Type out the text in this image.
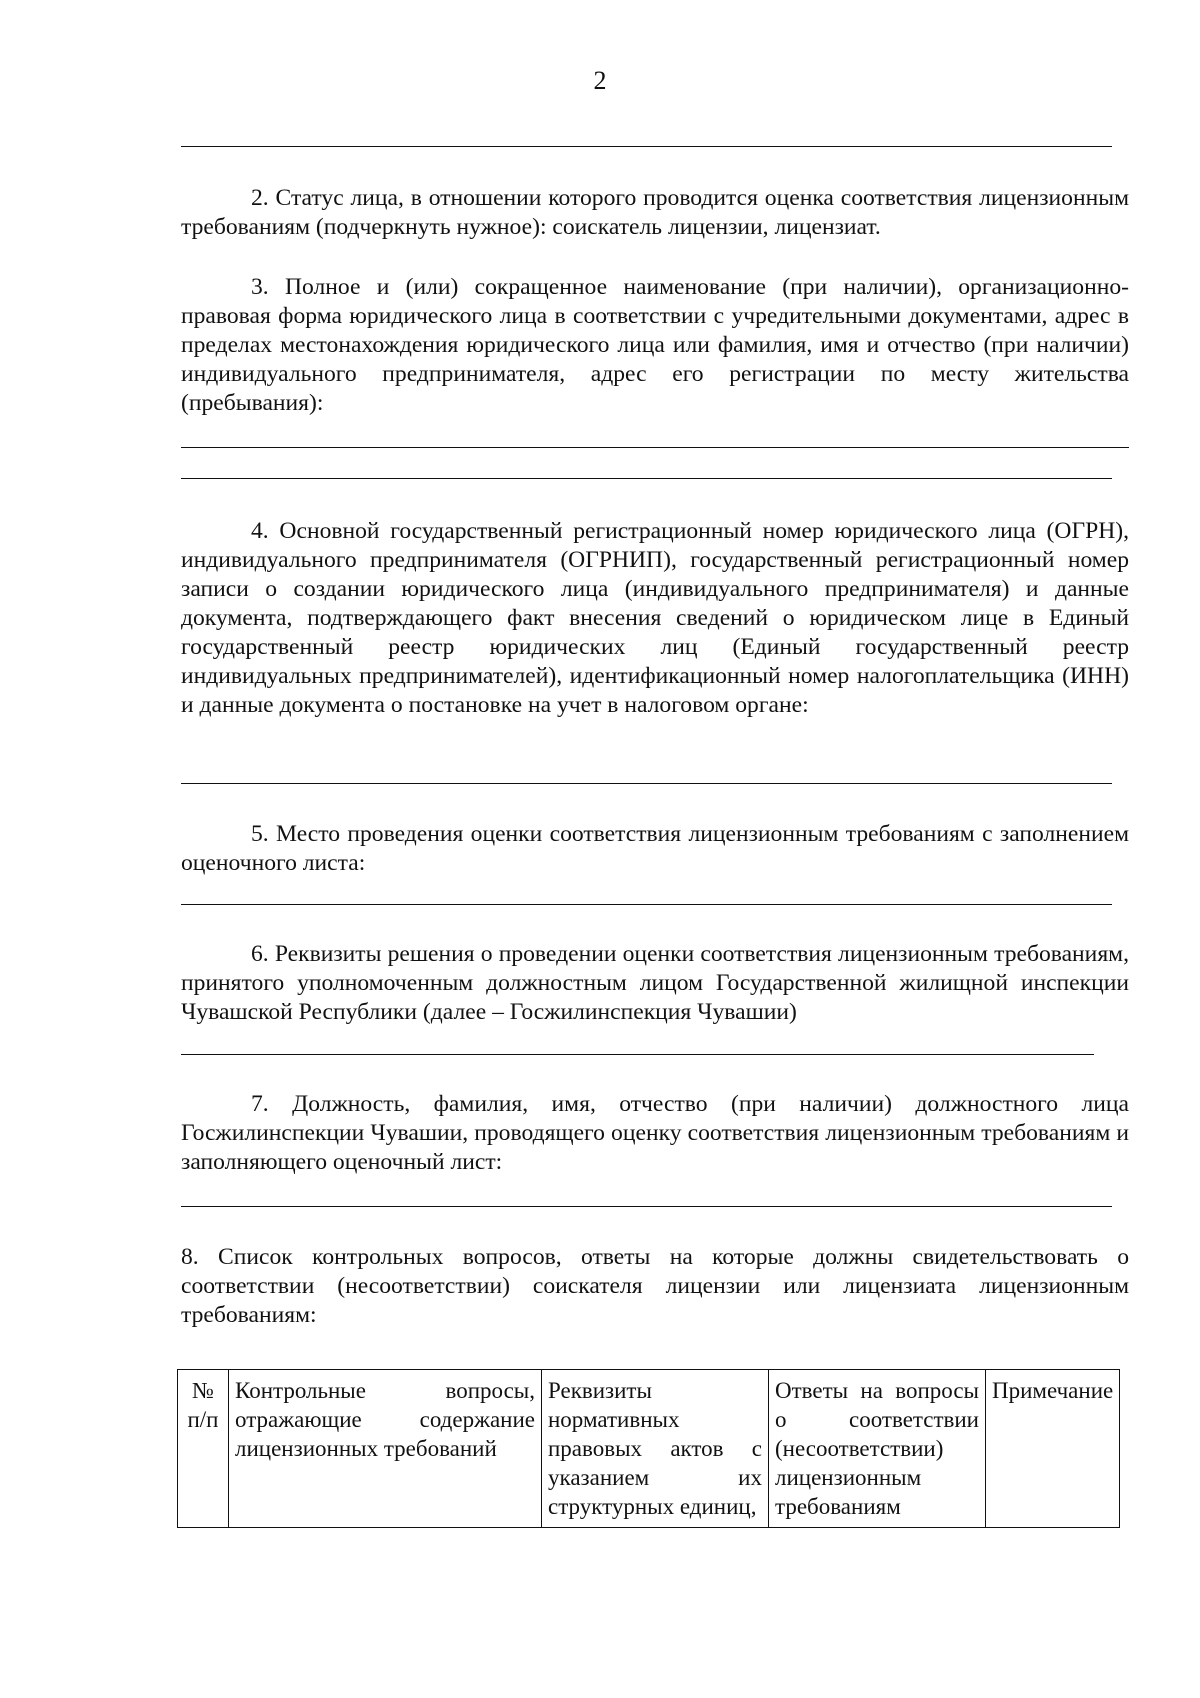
2
2. Статус лица, в отношении которого проводится оценка соответствия лицензионным требованиям (подчеркнуть нужное): соискатель лицензии, лицензиат.
3. Полное и (или) сокращенное наименование (при наличии), организационно-правовая форма юридического лица в соответствии с учредительными документами, адрес в пределах местонахождения юридического лица или фамилия, имя и отчество (при наличии) индивидуального предпринимателя, адрес его регистрации по месту жительства (пребывания):
4. Основной государственный регистрационный номер юридического лица (ОГРН), индивидуального предпринимателя (ОГРНИП), государственный регистрационный номер записи о создании юридического лица (индивидуального предпринимателя) и данные документа, подтверждающего факт внесения сведений о юридическом лице в Единый государственный реестр юридических лиц (Единый государственный реестр индивидуальных предпринимателей), идентификационный номер налогоплательщика (ИНН) и данные документа о постановке на учет в налоговом органе:
5. Место проведения оценки соответствия лицензионным требованиям с заполнением оценочного листа:
6. Реквизиты решения о проведении оценки соответствия лицензионным требованиям, принятого уполномоченным должностным лицом Государственной жилищной инспекции Чувашской Республики (далее – Госжилинспекция Чувашии)
7. Должность, фамилия, имя, отчество (при наличии) должностного лица Госжилинспекции Чувашии, проводящего оценку соответствия лицензионным требованиям и заполняющего оценочный лист:
8. Список контрольных вопросов, ответы на которые должны свидетельствовать о соответствии (несоответствии) соискателя лицензии или лицензиата лицензионным требованиям:
№ п/п	Контрольные вопросы, отражающие содержание лицензионных требований	Реквизиты нормативных правовых актов с указанием их структурных единиц,	Ответы на вопросы о соответствии (несоответствии) лицензионным требованиям	Примечание
